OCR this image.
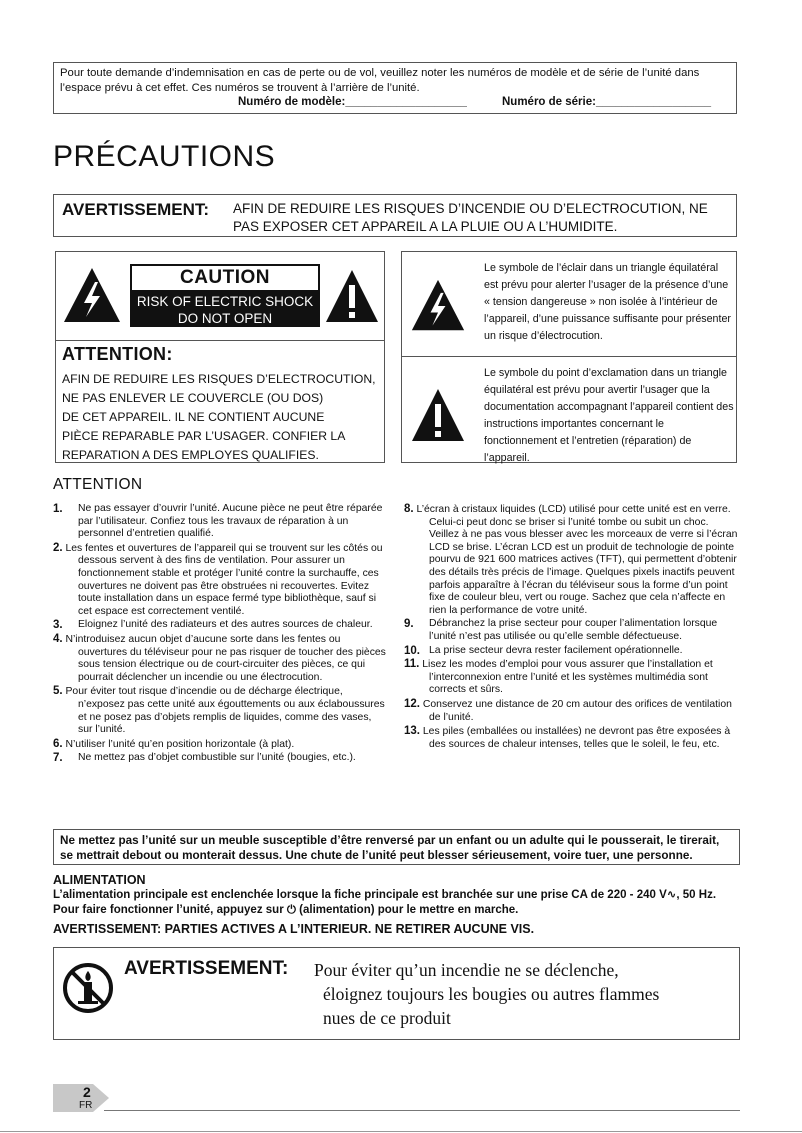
Pour toute demande d’indemnisation en cas de perte ou de vol, veuillez noter les numéros de modèle et de série de l’unité dans l’espace prévu à cet effet. Ces numéros se trouvent à l’arrière de l’unité.
Numéro de modèle:___________________	Numéro de série:__________________
PRÉCAUTIONS
AVERTISSEMENT: AFIN DE REDUIRE LES RISQUES D’INCENDIE OU D’ELECTROCUTION, NE
PAS EXPOSER CET APPAREIL A LA PLUIE OU A L’HUMIDITE.
CAUTION
RISK OF ELECTRIC SHOCK
DO NOT OPEN
ATTENTION:
AFIN DE REDUIRE LES RISQUES D’ELECTROCUTION,
NE PAS ENLEVER LE COUVERCLE (OU DOS)
DE CET APPAREIL. IL NE CONTIENT AUCUNE
PIÈCE REPARABLE PAR L’USAGER. CONFIER LA
REPARATION A DES EMPLOYES QUALIFIES.
Le symbole de l’éclair dans un triangle équilatéral est prévu pour alerter l’usager de la présence d’une « tension dangereuse » non isolée à l’intérieur de l’appareil, d’une puissance suffisante pour présenter un risque d’électrocution.
Le symbole du point d’exclamation dans un triangle équilatéral est prévu pour avertir l’usager que la documentation accompagnant l’appareil contient des instructions importantes concernant le fonctionnement et l’entretien (réparation) de l’appareil.
ATTENTION
1. Ne pas essayer d’ouvrir l’unité. Aucune pièce ne peut être réparée par l’utilisateur. Confiez tous les travaux de réparation à un personnel d’entretien qualifié.
2. Les fentes et ouvertures de l’appareil qui se trouvent sur les côtés ou dessous servent à des fins de ventilation. Pour assurer un fonctionnement stable et protéger l’unité contre la surchauffe, ces ouvertures ne doivent pas être obstruées ni recouvertes. Evitez toute installation dans un espace fermé type bibliothèque, sauf si cet espace est correctement ventilé.
3. Eloignez l’unité des radiateurs et des autres sources de chaleur.
4. N’introduisez aucun objet d’aucune sorte dans les fentes ou ouvertures du téléviseur pour ne pas risquer de toucher des pièces sous tension électrique ou de court-circuiter des pièces, ce qui pourrait déclencher un incendie ou une électrocution.
5. Pour éviter tout risque d’incendie ou de décharge électrique, n’exposez pas cette unité aux égouttements ou aux éclaboussures et ne posez pas d’objets remplis de liquides, comme des vases, sur l’unité.
6. N’utiliser l’unité qu’en position horizontale (à plat).
7. Ne mettez pas d’objet combustible sur l’unité (bougies, etc.).
8. L’écran à cristaux liquides (LCD) utilisé pour cette unité est en verre. Celui-ci peut donc se briser si l’unité tombe ou subit un choc. Veillez à ne pas vous blesser avec les morceaux de verre si l’écran LCD se brise. L’écran LCD est un produit de technologie de pointe pourvu de 921 600 matrices actives (TFT), qui permettent d’obtenir des détails très précis de l’image. Quelques pixels inactifs peuvent parfois apparaître à l’écran du téléviseur sous la forme d’un point fixe de couleur bleu, vert ou rouge. Sachez que cela n’affecte en rien la performance de votre unité.
9. Débranchez la prise secteur pour couper l’alimentation lorsque l’unité n’est pas utilisée ou qu’elle semble défectueuse.
10. La prise secteur devra rester facilement opérationnelle.
11. Lisez les modes d’emploi pour vous assurer que l’installation et l’interconnexion entre l’unité et les systèmes multimédia sont corrects et sûrs.
12. Conservez une distance de 20 cm autour des orifices de ventilation de l’unité.
13. Les piles (emballées ou installées) ne devront pas être exposées à des sources de chaleur intenses, telles que le soleil, le feu, etc.
Ne mettez pas l’unité sur un meuble susceptible d’être renversé par un enfant ou un adulte qui le pousserait, le tirerait, se mettrait debout ou monterait dessus. Une chute de l’unité peut blesser sérieusement, voire tuer, une personne.
ALIMENTATION
L’alimentation principale est enclenchée lorsque la fiche principale est branchée sur une prise CA de 220 - 240 V∿, 50 Hz.
Pour faire fonctionner l’unité, appuyez sur ⏻ (alimentation) pour le mettre en marche.
AVERTISSEMENT: PARTIES ACTIVES A L’INTERIEUR. NE RETIRER AUCUNE VIS.
AVERTISSEMENT: Pour éviter qu’un incendie ne se déclenche,
éloignez toujours les bougies ou autres flammes
nues de ce produit
2
FR
